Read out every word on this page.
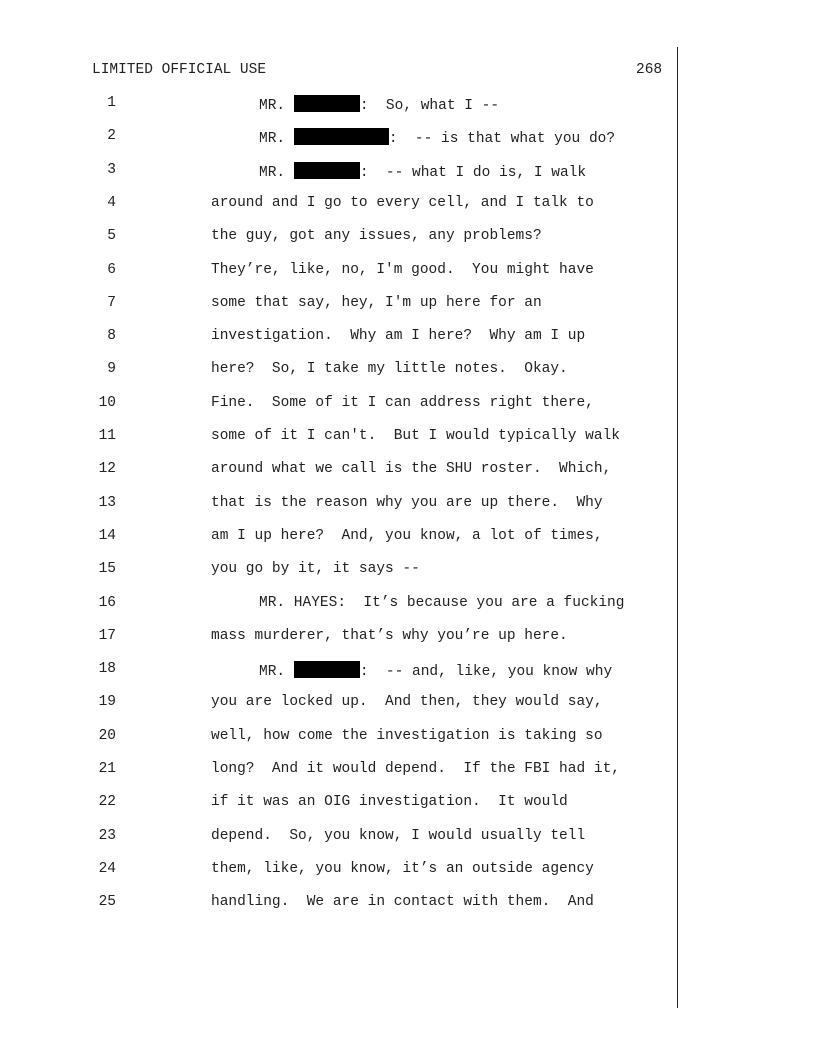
LIMITED OFFICIAL USE	268
1	MR.	:  So, what I --
2	MR.	:  -- is that what you do?
3	MR.	:  -- what I do is, I walk
4	around and I go to every cell, and I talk to
5	the guy, got any issues, any problems?
6	They’re, like, no, I'm good.  You might have
7	some that say, hey, I'm up here for an
8	investigation.  Why am I here?  Why am I up
9	here?  So, I take my little notes.  Okay.
10	Fine.  Some of it I can address right there,
11	some of it I can't.  But I would typically walk
12	around what we call is the SHU roster.  Which,
13	that is the reason why you are up there.  Why
14	am I up here?  And, you know, a lot of times,
15	you go by it, it says --
16	MR. HAYES:  It’s because you are a fucking
17	mass murderer, that’s why you’re up here.
18	MR.	:  -- and, like, you know why
19	you are locked up.  And then, they would say,
20	well, how come the investigation is taking so
21	long?  And it would depend.  If the FBI had it,
22	if it was an OIG investigation.  It would
23	depend.  So, you know, I would usually tell
24	them, like, you know, it’s an outside agency
25	handling.  We are in contact with them.  And
